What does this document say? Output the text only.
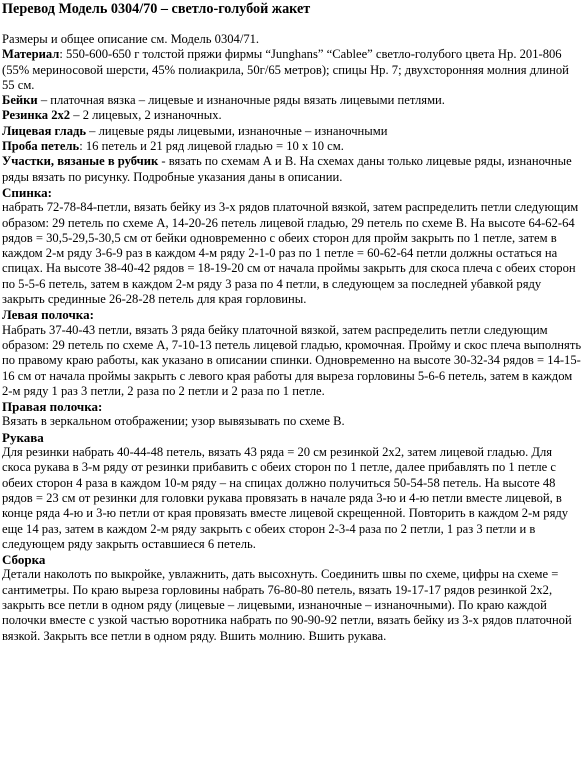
Перевод Модель 0304/70 – светло-голубой жакет

Размеры и общее описание см. Модель 0304/71.

Материал: 550-600-650 г толстой пряжи фирмы “Junghans” “Cablee” светло-голубого цвета Нр. 201-806 (55% мериносовой шерсти, 45% полиакрила, 50г/65 метров); спицы Нр. 7; двухсторонняя молния длиной 55 см.

Бейки – платочная вязка – лицевые и изнаночные ряды вязать лицевыми петлями.

Резинка 2х2 – 2 лицевых, 2 изнаночных.

Лицевая гладь – лицевые ряды лицевыми, изнаночные – изнаночными

Проба петель: 16 петель и 21 ряд лицевой гладью = 10 х 10 см.

Участки, вязаные в рубчик - вязать по схемам А и В. На схемах даны только лицевые ряды, изнаночные ряды вязать по рисунку. Подробные указания даны в описании.

Спинка:
набрать 72-78-84-петли, вязать бейку из 3-х рядов платочной вязкой, затем распределить петли следующим образом: 29 петель по схеме А, 14-20-26 петель лицевой гладью, 29 петель по схеме В. На высоте 64-62-64 рядов = 30,5-29,5-30,5 см от бейки одновременно с обеих сторон для пройм закрыть по 1 петле, затем в каждом 2-м ряду 3-6-9 раз в каждом 4-м ряду 2-1-0 раз по 1 петле = 60-62-64 петли должны остаться на спицах. На высоте 38-40-42 рядов = 18-19-20 см от начала проймы закрыть для скоса плеча с обеих сторон по 5-5-6 петель, затем в каждом 2-м ряду 3 раза по 4 петли, в следующем за последней убавкой ряду закрыть срединные 26-28-28 петель для края горловины.

Левая полочка:
Набрать 37-40-43 петли, вязать 3 ряда бейку платочной вязкой, затем распределить петли следующим образом: 29 петель по схеме А, 7-10-13 петель лицевой гладью, кромочная. Пройму и скос плеча выполнять по правому краю работы, как указано в описании спинки. Одновременно на высоте 30-32-34 рядов = 14-15-16 см от начала проймы закрыть с левого края работы для выреза горловины 5-6-6 петель, затем в каждом 2-м ряду 1 раз 3 петли, 2 раза по 2 петли и 2 раза по 1 петле.

Правая полочка:
Вязать в зеркальном отображении; узор вывязывать по схеме В.

Рукава
Для резинки набрать 40-44-48 петель, вязать 43 ряда = 20 см резинкой 2х2, затем лицевой гладью. Для скоса рукава в 3-м ряду от резинки прибавить с обеих сторон по 1 петле, далее прибавлять по 1 петле с обеих сторон 4 раза в каждом 10-м ряду – на спицах должно получиться 50-54-58 петель. На высоте 48 рядов = 23 см от резинки для головки рукава провязать в начале ряда 3-ю и 4-ю петли вместе лицевой, в конце ряда 4-ю и 3-ю петли от края провязать вместе лицевой скрещенной. Повторить в каждом 2-м ряду еще 14 раз, затем в каждом 2-м ряду закрыть с обеих сторон 2-3-4 раза по 2 петли, 1 раз 3 петли и в следующем ряду закрыть оставшиеся 6 петель.

Сборка
Детали наколоть по выкройке, увлажнить, дать высохнуть. Соединить швы по схеме, цифры на схеме = сантиметры. По краю выреза горловины набрать 76-80-80 петель, вязать 19-17-17 рядов резинкой 2х2, закрыть все петли в одном ряду (лицевые – лицевыми, изнаночные – изнаночными). По краю каждой полочки вместе с узкой частью воротника набрать по 90-90-92 петли, вязать бейку из 3-х рядов платочной вязкой. Закрыть все петли в одном ряду. Вшить молнию. Вшить рукава.
